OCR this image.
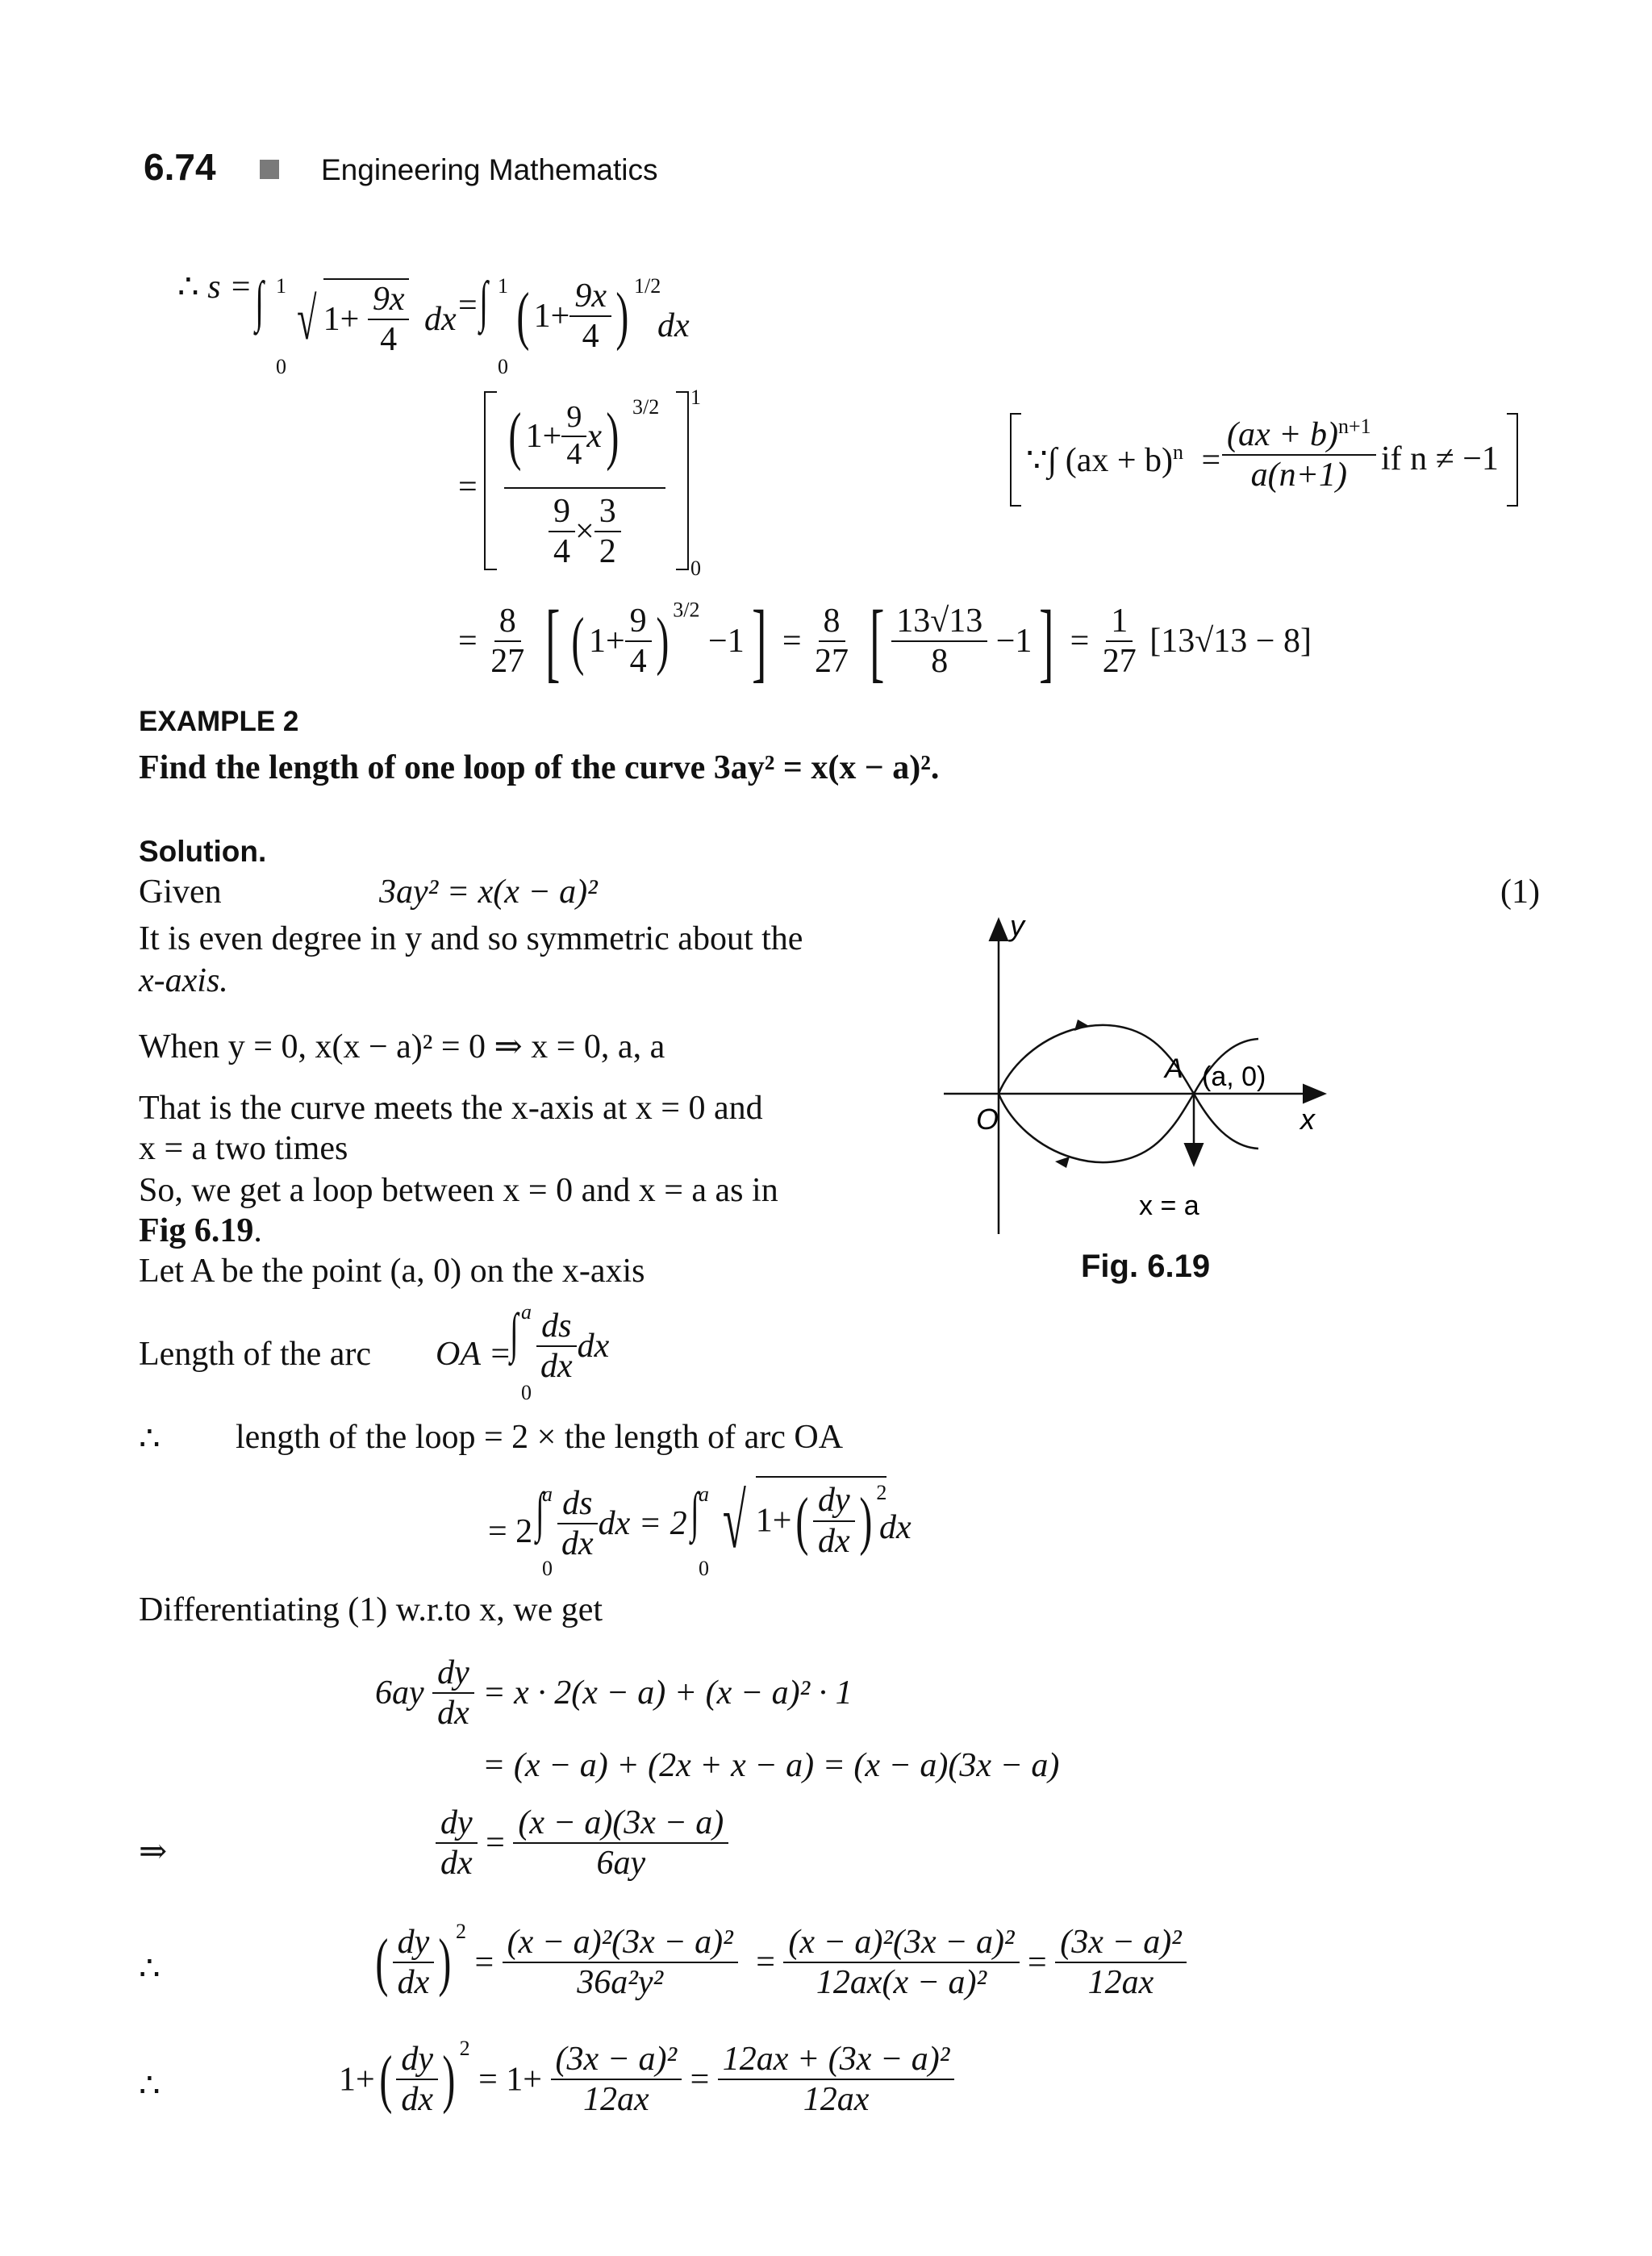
6.74	Engineering Mathematics
∴ s = ∫ 1
0
√ $1+ \frac{9x}{4}$ dx = ∫ 1
0
( $1+ \frac{9x}{4}$ ) 1/2
dx
=
1
0
( $1+ \frac{9}{4} x$) 3/2
$\frac{9}{4} \times \frac{3}{2}$
∵∫ $(ax + b)^n = \frac{(ax + b)^{n+1}}{a(n+1)}$ if n ≠ −1
= $\frac{8}{27}$ [ ( $1+ \frac{9}{4}$ ) $^{3/2} -1] = \frac{8}{27}$ [ $\frac{13√13}{8} -1] = \frac{1}{27} [13√13 - 8]$
EXAMPLE 2
Find the length of one loop of the curve 3ay² = x(x − a)².
Solution.
Given	3ay² = x(x − a)²	(1)
It is even degree in y and so symmetric about the
x-axis.
When y = 0, x(x − a)² = 0 ⇒ x = 0, a, a
That is the curve meets the x-axis at x = 0 and
x = a two times
So, we get a loop between x = 0 and x = a as in
Fig 6.19.
Let A be the point (a, 0) on the x-axis
Length of the arc OA =
∫ a
0
$\frac{ds}{dx}$ dx
∴ length of the loop = 2 × the length of arc OA
= 2 ∫
a
0
$\frac{ds}{dx}$ dx = 2 ∫ a
0
√ $1+( \frac{dy}{dx}$ ) $^2$
dx
Differentiating (1) w.r.to x, we get
$6ay \frac{dy}{dx} = x \cdot 2(x - a) + (x - a)^2 \cdot 1$
= (x − a) + (2x + x − a) = (x − a)(3x − a)
⇒	$\frac{dy}{dx} = \frac{(x - a)(3x - a)}{6ay}$
∴	( $\frac{dy}{dx}$ ) $^2 = \frac{\text{(x − a)²(3x − a)²}}{\text{36a²y²}} = \frac{\text{(x − a)²(3x − a)²}}{\text{12ax(x − a)²}} = \frac{\text{(3x − a)²}}{12ax}$
∴	$1+( \frac{dy}{dx}$ ) $^2 = 1+ \frac{\text{(3x − a)²}}{12ax} = \frac{\text{12ax + (3x − a)²}}{12ax}$
y
x
O
A (a, 0)
x = a
Fig. 6.19
